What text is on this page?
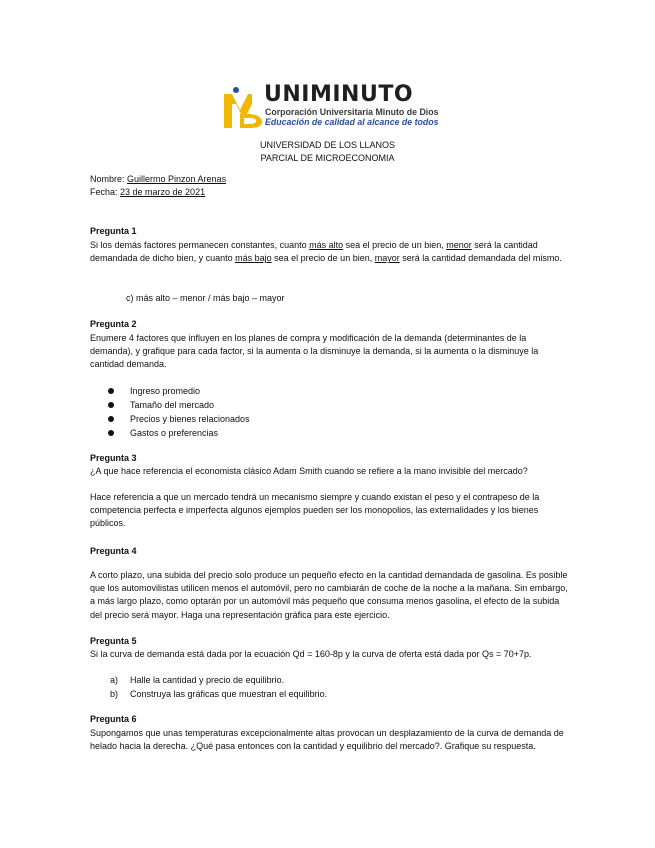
UNIMINUTO
Corporación Universitaria Minuto de Dios
Educación de calidad al alcance de todos
UNIVERSIDAD DE LOS LLANOS
PARCIAL DE MICROECONOMIA
Nombre: Guillermo Pinzon Arenas
Fecha: 23 de marzo de 2021
Pregunta 1
Si los demás factores permanecen constantes, cuanto más alto sea el precio de un bien, menor será la cantidad demandada de dicho bien, y cuanto más bajo sea el precio de un bien, mayor será la cantidad demandada del mismo.
c) más alto – menor / más bajo – mayor
Pregunta 2
Enumere 4 factores que influyen en los planes de compra y modificación de la demanda (determinantes de la demanda), y grafique para cada factor, si la aumenta o la disminuye la demanda, si la aumenta o la disminuye la cantidad demanda.
Ingreso promedio
Tamaño del mercado
Precios y bienes relacionados
Gastos o preferencias
Pregunta 3
¿A que hace referencia el economista clásico Adam Smith cuando se refiere a la mano invisible del mercado?
Hace referencia a que un mercado tendrá un mecanismo siempre y cuando existan el peso y el contrapeso de la competencia perfecta e imperfecta algunos ejemplos pueden ser los monopolios, las externalidades y los bienes públicos.
Pregunta 4
A corto plazo, una subida del precio solo produce un pequeño efecto en la cantidad demandada de gasolina. Es posible que los automovilistas utilicen menos el automóvil, pero no cambiarán de coche de la noche a la mañana. Sin embargo, a más largo plazo, como optarán por un automóvil más pequeño que consuma menos gasolina, el efecto de la subida del precio será mayor. Haga una representación gráfica para este ejercicio.
Pregunta 5
Si la curva de demanda está dada por la ecuación Qd = 160-8p y la curva de oferta está dada por Qs = 70+7p.
a) Halle la cantidad y precio de equilibrio.
b) Construya las gráficas que muestran el equilibrio.
Pregunta 6
Supongamos que unas temperaturas excepcionalmente altas provocan un desplazamiento de la curva de demanda de helado hacia la derecha. ¿Qué pasa entonces con la cantidad y equilibrio del mercado?. Grafique su respuesta.
